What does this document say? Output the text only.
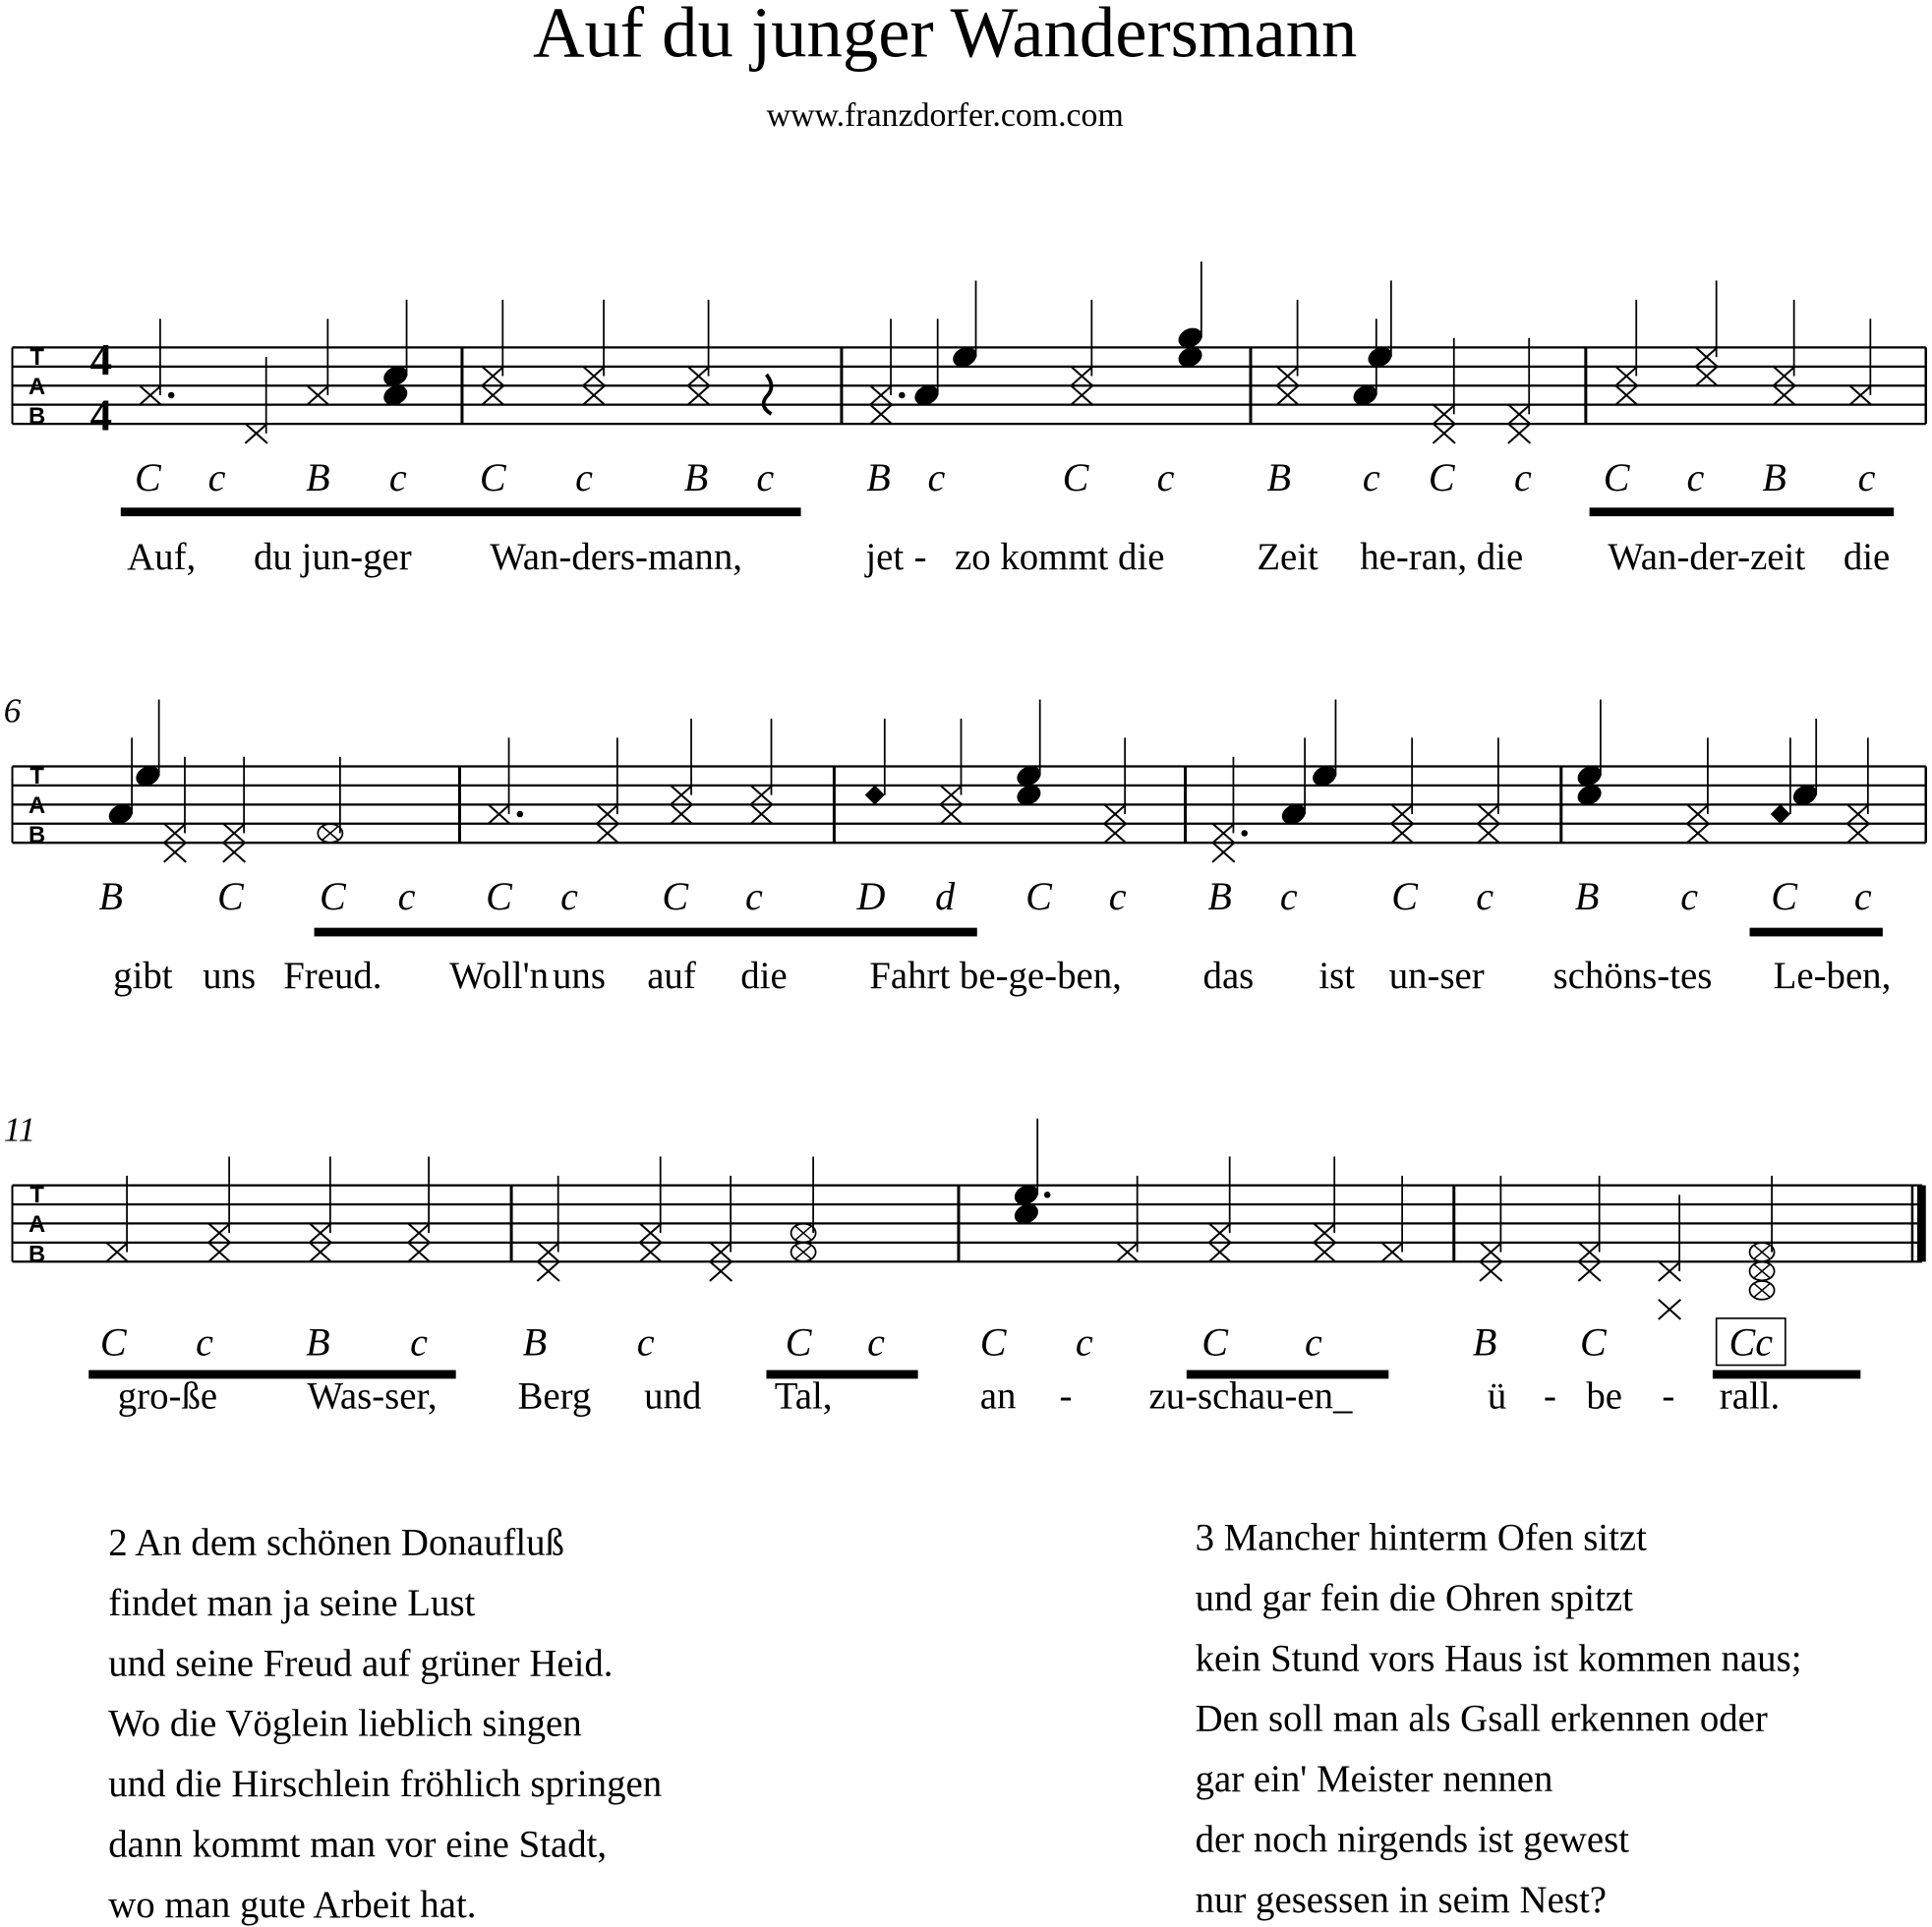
Auf du junger Wandersmann
www.franzdorfer.com.com
T
A
B
4
4
C c	B c C c	B c	B c	C c	B c C c C c B c
Auf, du jun-ger	Wan-ders-mann,	jet - zo kommt die	Zeit he-ran, die	Wan-der-zeit die
T
A
B
6
B	C C c C c	C c	D d C c	B c	C c	B	c C c
gibt uns Freud. Woll'n uns auf die	Fahrt be-ge-ben,	das ist un-ser schöns-tes Le-ben,
T
A
B
11
C c	B	c	B	c	C c	C c	C c	B	C	Cc
gro-ße	Was-ser,	Berg und Tal,	an -	zu-schau-en_	ü - be - rall.
2 An dem schönen Donaufluß
findet man ja seine Lust
und seine Freud auf grüner Heid.
Wo die Vöglein lieblich singen
und die Hirschlein fröhlich springen
dann kommt man vor eine Stadt,
wo man gute Arbeit hat.
3 Mancher hinterm Ofen sitzt
und gar fein die Ohren spitzt
kein Stund vors Haus ist kommen naus;
Den soll man als Gsall erkennen oder
gar ein' Meister nennen
der noch nirgends ist gewest
nur gesessen in seim Nest?
